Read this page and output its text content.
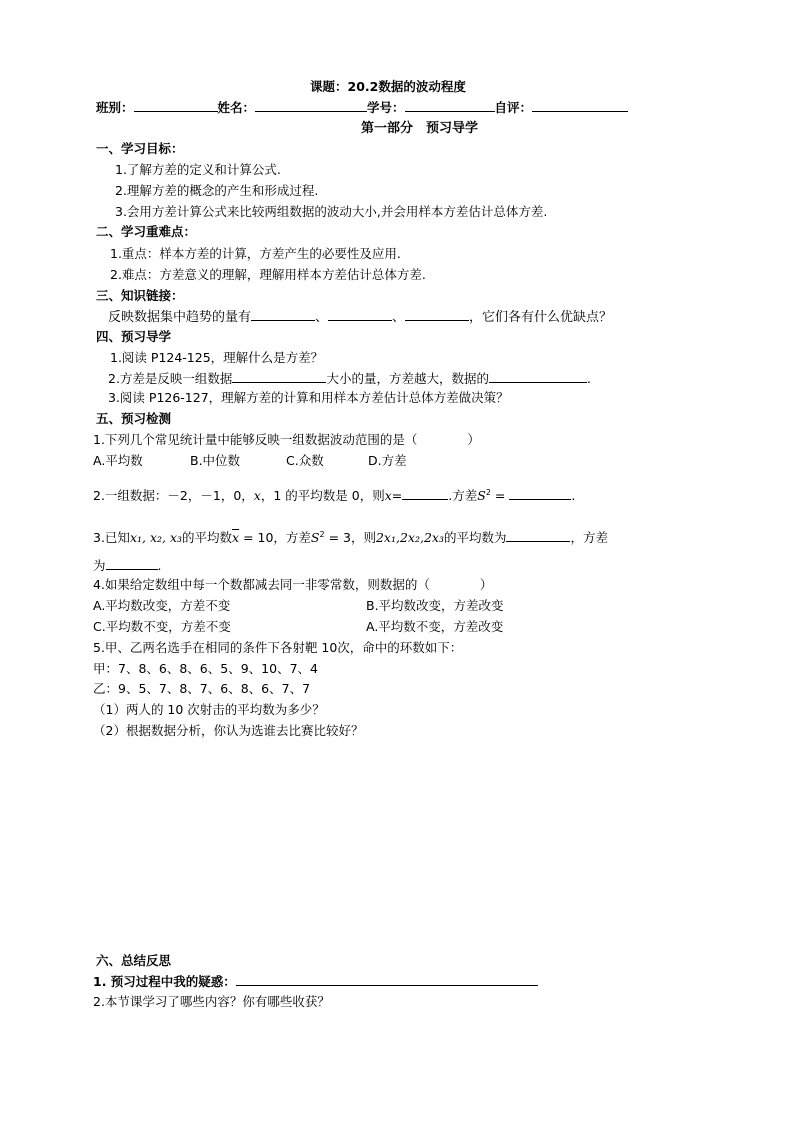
课题：20.2数据的波动程度
班别：	姓名：	学号：	自评：
第一部分　预习导学
一、学习目标：
1.了解方差的定义和计算公式.
2.理解方差的概念的产生和形成过程.
3.会用方差计算公式来比较两组数据的波动大小,并会用样本方差估计总体方差.
二、学习重难点：
1.重点：样本方差的计算，方差产生的必要性及应用.
2.难点：方差意义的理解，理解用样本方差估计总体方差.
三、知识链接：
反映数据集中趋势的量有	、	、	，它们各有什么优缺点？
四、预习导学
1.阅读 P124-125，理解什么是方差？
2.方差是反映一组数据	大小的量，方差越大，数据的	.
3.阅读 P126-127，理解方差的计算和用样本方差估计总体方差做决策？
五、预习检测
1.下列几个常见统计量中能够反映一组数据波动范围的是（　　　　）
A.平均数	B.中位数	C.众数	D.方差
2.一组数据：－2，－1，0，x，1 的平均数是 0，则x=	.方差$S^2$ =	.
3.已知x₁, x₂, x₃的平均数$\overline{x} = 10$，方差$S^2 = 3$，则2x₁,2x₂,2x₃的平均数为	，方差
为	.
4.如果给定数组中每一个数都减去同一非零常数，则数据的（　　　　）
A.平均数改变，方差不变	B.平均数改变，方差改变
C.平均数不变，方差不变	A.平均数不变，方差改变
5.甲、乙两名选手在相同的条件下各射靶 10次，命中的环数如下：
甲：7、8、6、8、6、5、9、10、7、4
乙：9、5、7、8、7、6、8、6、7、7
（1）两人的 10 次射击的平均数为多少？
（2）根据数据分析，你认为选谁去比赛比较好？
六、总结反思
1. 预习过程中我的疑惑：
2.本节课学习了哪些内容？你有哪些收获？
